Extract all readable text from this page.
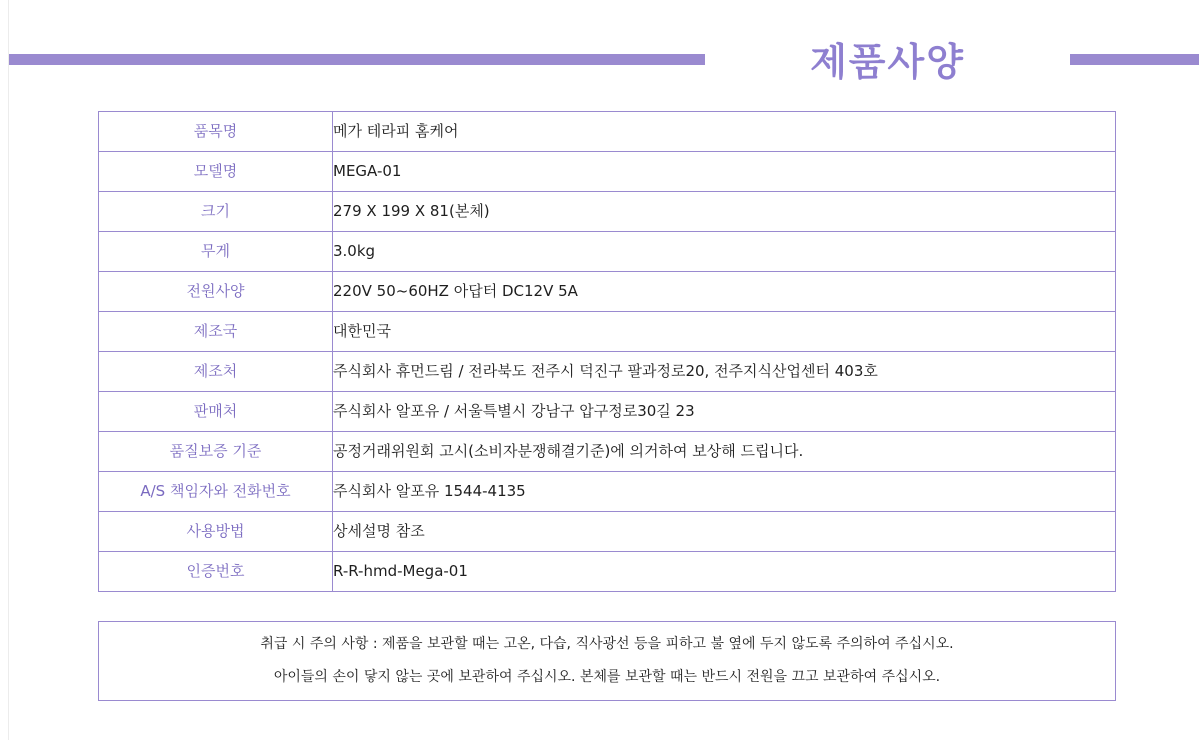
제품사양
품목명	메가 테라피 홈케어
모델명	MEGA-01
크기	279 X 199 X 81(본체)
무게	3.0kg
전원사양	220V 50~60HZ 아답터 DC12V 5A
제조국	대한민국
제조처	주식회사 휴먼드림 / 전라북도 전주시 덕진구 팔과정로20, 전주지식산업센터 403호
판매처	주식회사 알포유 / 서울특별시 강남구 압구정로30길 23
품질보증 기준	공정거래위원회 고시(소비자분쟁해결기준)에 의거하여 보상해 드립니다.
A/S 책임자와 전화번호	주식회사 알포유 1544-4135
사용방법	상세설명 참조
인증번호	R-R-hmd-Mega-01
취급 시 주의 사항 : 제품을 보관할 때는 고온, 다습, 직사광선 등을 피하고 불 옆에 두지 않도록 주의하여 주십시오.
아이들의 손이 닿지 않는 곳에 보관하여 주십시오. 본체를 보관할 때는 반드시 전원을 끄고 보관하여 주십시오.
